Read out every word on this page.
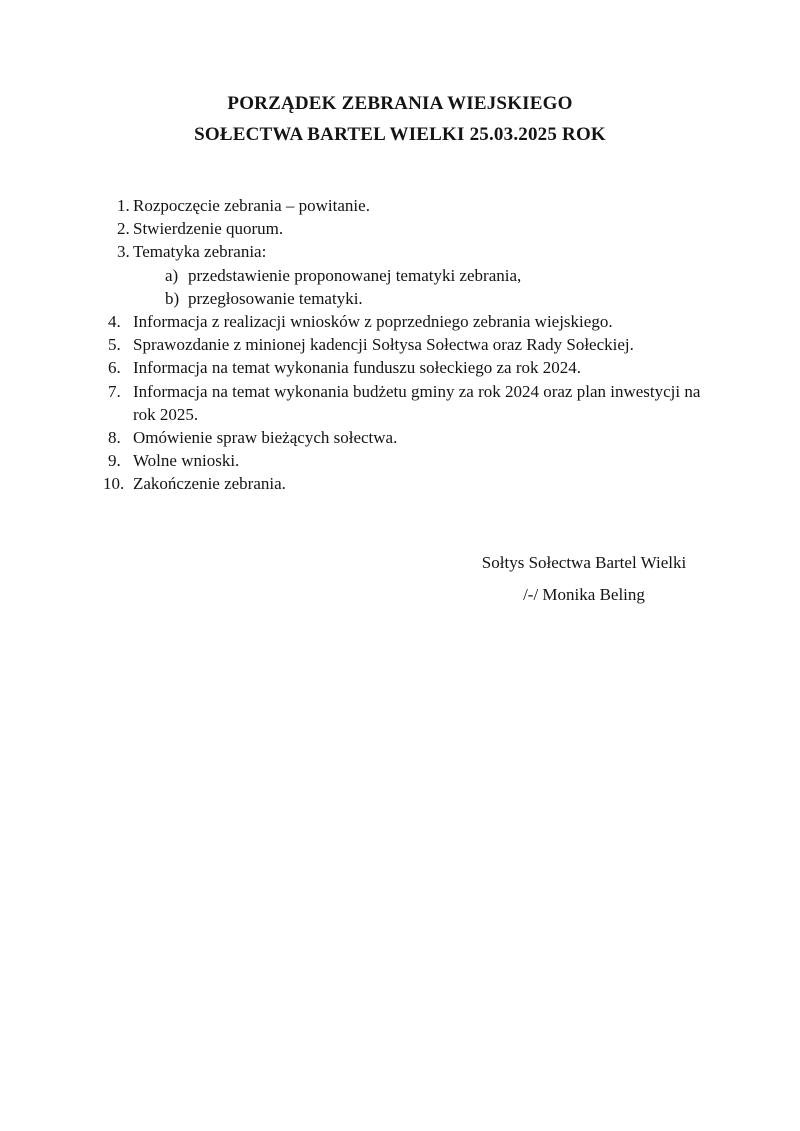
PORZĄDEK ZEBRANIA WIEJSKIEGO
SOŁECTWA BARTEL WIELKI 25.03.2025 ROK
1. Rozpoczęcie zebrania – powitanie.
2. Stwierdzenie quorum.
3. Tematyka zebrania:
a) przedstawienie proponowanej tematyki zebrania,
b) przegłosowanie tematyki.
4. Informacja z realizacji wniosków z poprzedniego zebrania wiejskiego.
5. Sprawozdanie z minionej kadencji Sołtysa Sołectwa oraz Rady Sołeckiej.
6. Informacja na temat wykonania funduszu sołeckiego za rok 2024.
7. Informacja na temat wykonania budżetu gminy za rok 2024 oraz plan inwestycji na rok 2025.
8. Omówienie spraw bieżących sołectwa.
9. Wolne wnioski.
10. Zakończenie zebrania.
Sołtys Sołectwa Bartel Wielki
/-/ Monika Beling
